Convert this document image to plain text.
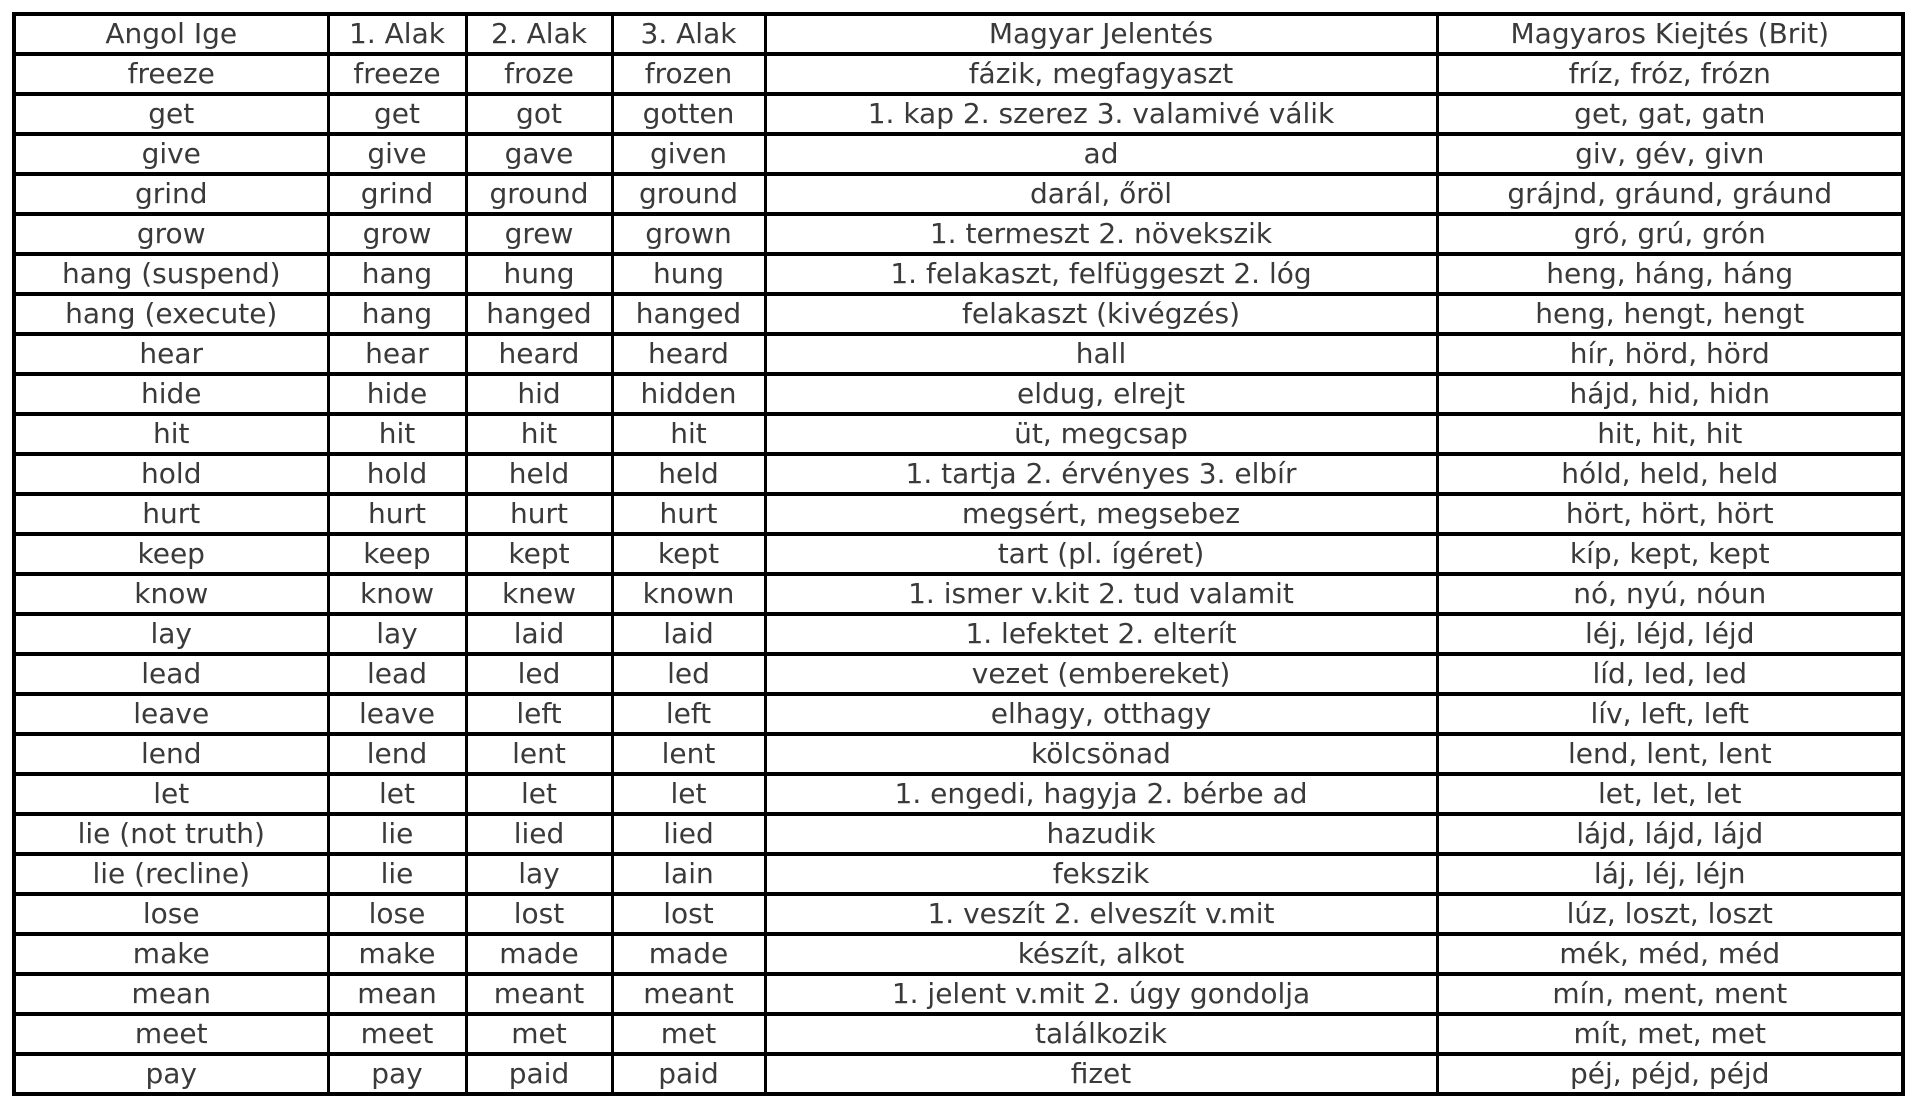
Angol Ige	1. Alak	2. Alak	3. Alak	Magyar Jelentés	Magyaros Kiejtés (Brit)
freeze	freeze	froze	frozen	fázik, megfagyaszt	fríz, fróz, frózn
get	get	got	gotten	1. kap 2. szerez 3. valamivé válik	get, gat, gatn
give	give	gave	given	ad	giv, gév, givn
grind	grind	ground	ground	darál, őröl	grájnd, gráund, gráund
grow	grow	grew	grown	1. termeszt 2. növekszik	gró, grú, grón
hang (suspend)	hang	hung	hung	1. felakaszt, felfüggeszt 2. lóg	heng, háng, háng
hang (execute)	hang	hanged	hanged	felakaszt (kivégzés)	heng, hengt, hengt
hear	hear	heard	heard	hall	hír, hörd, hörd
hide	hide	hid	hidden	eldug, elrejt	hájd, hid, hidn
hit	hit	hit	hit	üt, megcsap	hit, hit, hit
hold	hold	held	held	1. tartja 2. érvényes 3. elbír	hóld, held, held
hurt	hurt	hurt	hurt	megsért, megsebez	hört, hört, hört
keep	keep	kept	kept	tart (pl. ígéret)	kíp, kept, kept
know	know	knew	known	1. ismer v.kit 2. tud valamit	nó, nyú, nóun
lay	lay	laid	laid	1. lefektet 2. elterít	léj, léjd, léjd
lead	lead	led	led	vezet (embereket)	líd, led, led
leave	leave	left	left	elhagy, otthagy	lív, left, left
lend	lend	lent	lent	kölcsönad	lend, lent, lent
let	let	let	let	1. engedi, hagyja 2. bérbe ad	let, let, let
lie (not truth)	lie	lied	lied	hazudik	lájd, lájd, lájd
lie (recline)	lie	lay	lain	fekszik	láj, léj, léjn
lose	lose	lost	lost	1. veszít 2. elveszít v.mit	lúz, loszt, loszt
make	make	made	made	készít, alkot	mék, méd, méd
mean	mean	meant	meant	1. jelent v.mit 2. úgy gondolja	mín, ment, ment
meet	meet	met	met	találkozik	mít, met, met
pay	pay	paid	paid	fizet	péj, péjd, péjd
